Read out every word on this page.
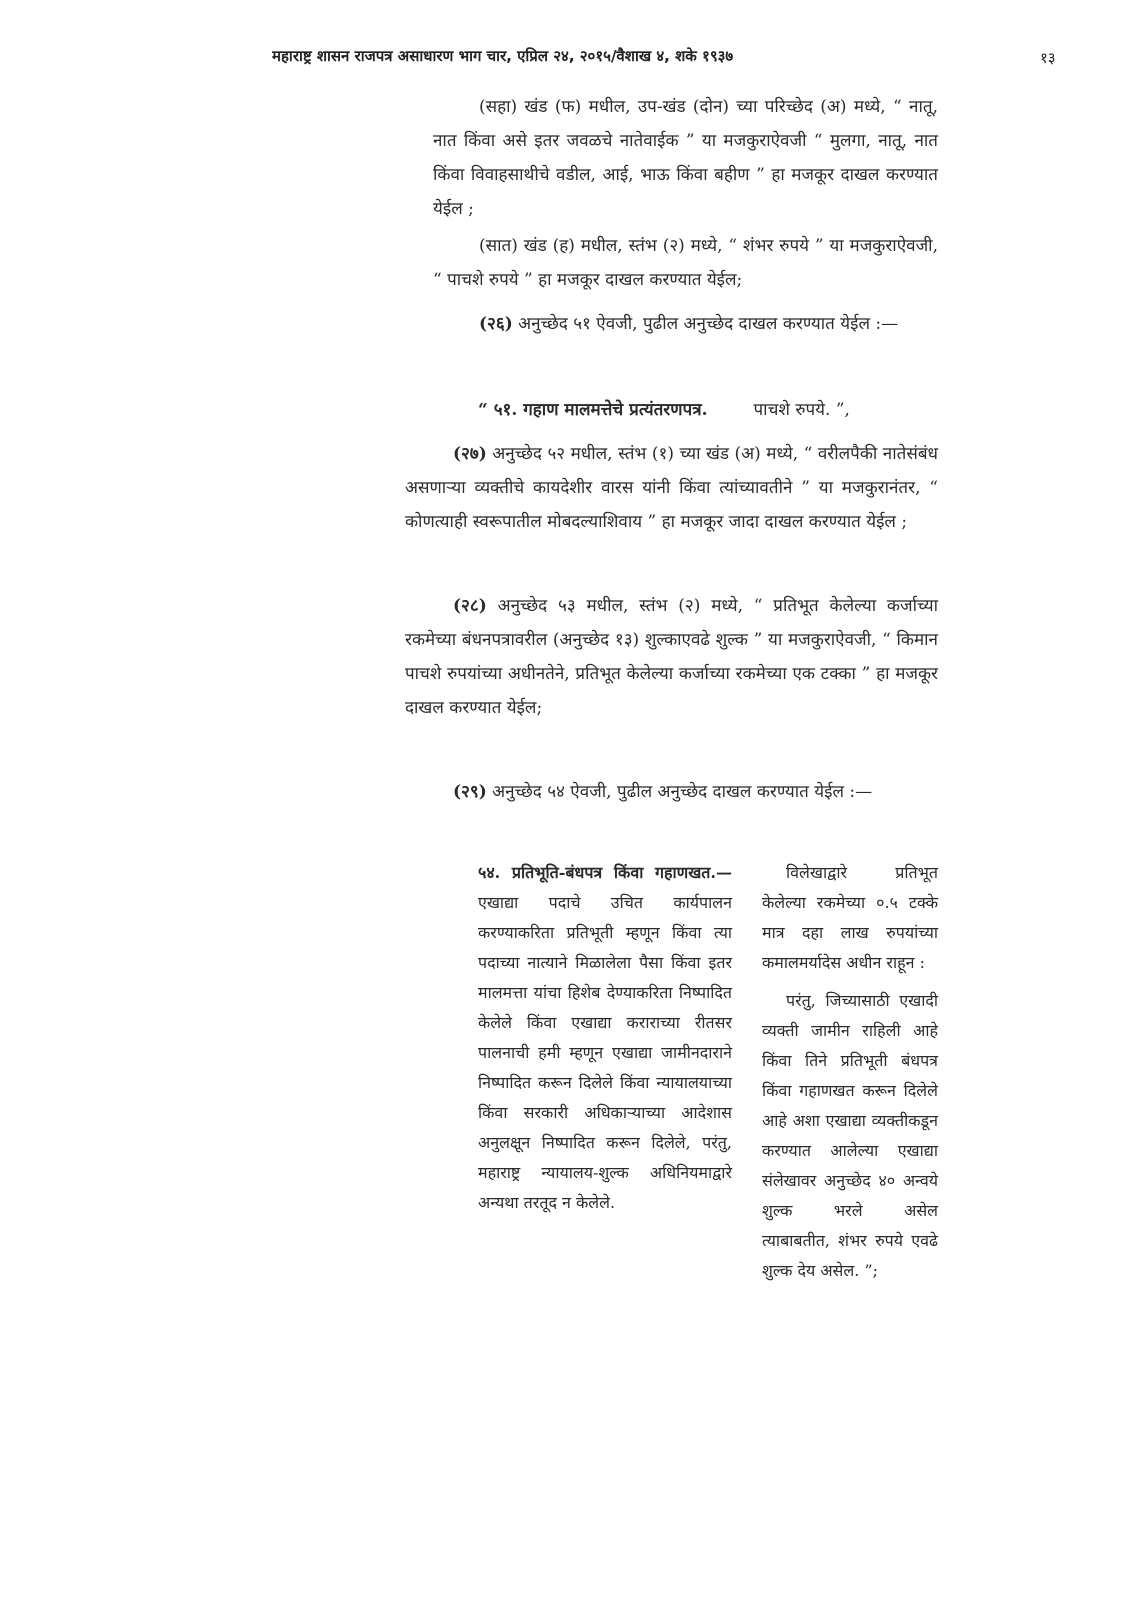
महाराष्ट्र शासन राजपत्र असाधारण भाग चार, एप्रिल २४, २०१५/वैशाख ४, शके १९३७	१३
(सहा) खंड (फ) मधील, उप-खंड (दोन) च्या परिच्छेद (अ) मध्ये, “ नातू, नात किंवा असे इतर जवळचे नातेवाईक ” या मजकुराऐवजी “ मुलगा, नातू, नात किंवा विवाहसाथीचे वडील, आई, भाऊ किंवा बहीण ” हा मजकूर दाखल करण्यात येईल ;
(सात) खंड (ह) मधील, स्तंभ (२) मध्ये, “ शंभर रुपये ” या मजकुराऐवजी, “ पाचशे रुपये ” हा मजकूर दाखल करण्यात येईल;
(२६) अनुच्छेद ५१ ऐवजी, पुढील अनुच्छेद दाखल करण्यात येईल :—
“ ५१. गहाण मालमत्तेचे प्रत्यंतरणपत्र.	पाचशे रुपये. ”,
(२७) अनुच्छेद ५२ मधील, स्तंभ (१) च्या खंड (अ) मध्ये, “ वरीलपैकी नातेसंबंध असणाऱ्या व्यक्तीचे कायदेशीर वारस यांनी किंवा त्यांच्यावतीने ” या मजकुरानंतर, “ कोणत्याही स्वरूपातील मोबदल्याशिवाय ” हा मजकूर जादा दाखल करण्यात येईल ;
(२८) अनुच्छेद ५३ मधील, स्तंभ (२) मध्ये, “ प्रतिभूत केलेल्या कर्जाच्या रकमेच्या बंधनपत्रावरील (अनुच्छेद १३) शुल्काएवढे शुल्क ” या मजकुराऐवजी, “ किमान पाचशे रुपयांच्या अधीनतेने, प्रतिभूत केलेल्या कर्जाच्या रकमेच्या एक टक्का ” हा मजकूर दाखल करण्यात येईल;
(२९) अनुच्छेद ५४ ऐवजी, पुढील अनुच्छेद दाखल करण्यात येईल :—
५४. प्रतिभूति-बंधपत्र किंवा गहाणखत.—एखाद्या पदाचे उचित कार्यपालन करण्याकरिता प्रतिभूती म्हणून किंवा त्या पदाच्या नात्याने मिळालेला पैसा किंवा इतर मालमत्ता यांचा हिशेब देण्याकरिता निष्पादित केलेले किंवा एखाद्या कराराच्या रीतसर पालनाची हमी म्हणून एखाद्या जामीनदाराने निष्पादित करून दिलेले किंवा न्यायालयाच्या किंवा सरकारी अधिकाऱ्याच्या आदेशास अनुलक्षून निष्पादित करून दिलेले, परंतु, महाराष्ट्र न्यायालय-शुल्क अधिनियमाद्वारे अन्यथा तरतूद न केलेले.

विलेखाद्वारे प्रतिभूत केलेल्या रकमेच्या ०.५ टक्के मात्र दहा लाख रुपयांच्या कमालमर्यादेस अधीन राहून :

परंतु, जिच्यासाठी एखादी व्यक्ती जामीन राहिली आहे किंवा तिने प्रतिभूती बंधपत्र किंवा गहाणखत करून दिलेले आहे अशा एखाद्या व्यक्तीकडून करण्यात आलेल्या एखाद्या संलेखावर अनुच्छेद ४० अन्वये शुल्क भरले असेल त्याबाबतीत, शंभर रुपये एवढे शुल्क देय असेल. ”;
